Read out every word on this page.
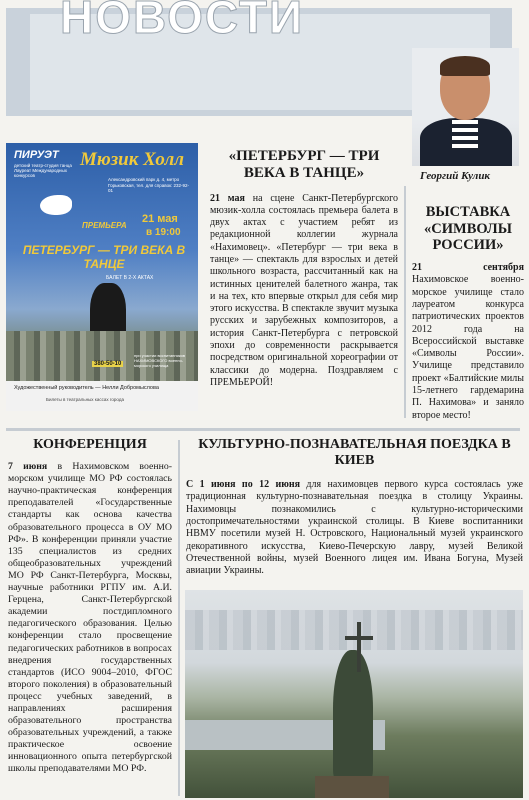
НОВОСТИ
Георгий Кулик
ПИРУЭТ
детский театр-студия танца Лауреат Международных конкурсов
Мюзик Холл
Александровский парк д. 4, метро Горьковская, тел. для справок: 232-92-01
ПРЕМЬЕРА
21 мая
в 19:00
ПЕТЕРБУРГ — ТРИ ВЕКА В ТАНЦЕ
БАЛЕТ В 2-Х АКТАХ
380-50-10
при участии воспитанников НАХИМОВСКОГО военно-морского училища
Художественный руководитель — Нелли Добромыслова
Билеты в театральных кассах города
«ПЕТЕРБУРГ — ТРИ ВЕКА В ТАНЦЕ»

21 мая на сцене Санкт-Петербургского мюзик-холла состоялась премьера балета в двух актах с участием ребят из редакционной коллегии журнала «Нахимовец». «Петербург — три века в танце» — спектакль для взрослых и детей школьного возраста, рассчитанный как на истинных ценителей балетного жанра, так и на тех, кто впервые открыл для себя мир этого искусства. В спектакле звучит музыка русских и зарубежных композиторов, а история Санкт-Петербурга с петровской эпохи до современности раскрывается посредством оригинальной хореографии от классики до модерна. Поздравляем с ПРЕМЬЕРОЙ!

ВЫСТАВКА «СИМВОЛЫ РОССИИ»

21 сентября Нахимовское военно-морское училище стало лауреатом конкурса патриотических проектов 2012 года на Всероссийской выставке «Символы России». Училище представило проект «Балтийские милы 15-летнего гардемарина П. Нахимова» и заняло второе место!

КОНФЕРЕНЦИЯ

7 июня в Нахимовском военно-морском училище МО РФ состоялась научно-практическая конференция преподавателей «Государственные стандарты как основа качества образовательного процесса в ОУ МО РФ». В конференции приняли участие 135 специалистов из средних общеобразовательных учреждений МО РФ Санкт-Петербурга, Москвы, научные работники РГПУ им. А.И. Герцена, Санкт-Петербургской академии постдипломного педагогического образования. Целью конференции стало просвещение педагогических работников в вопросах внедрения государственных стандартов (ИСО 9004–2010, ФГОС второго поколения) в образовательный процесс учебных заведений, в направлениях расширения образовательного пространства образовательных учреждений, а также практическое освоение инновационного опыта петербургской школы преподавателями МО РФ.

КУЛЬТУРНО-ПОЗНАВАТЕЛЬНАЯ ПОЕЗДКА В КИЕВ

С 1 июня по 12 июня для нахимовцев первого курса состоялась уже традиционная культурно-познавательная поездка в столицу Украины. Нахимовцы познакомились с культурно-историческими достопримечательностями украинской столицы. В Киеве воспитанники НВМУ посетили музей Н. Островского, Национальный музей украинского декоративного искусства, Киево-Печерскую лавру, музей Великой Отечественной войны, музей Военного лицея им. Ивана Богуна, Музей авиации Украины.
